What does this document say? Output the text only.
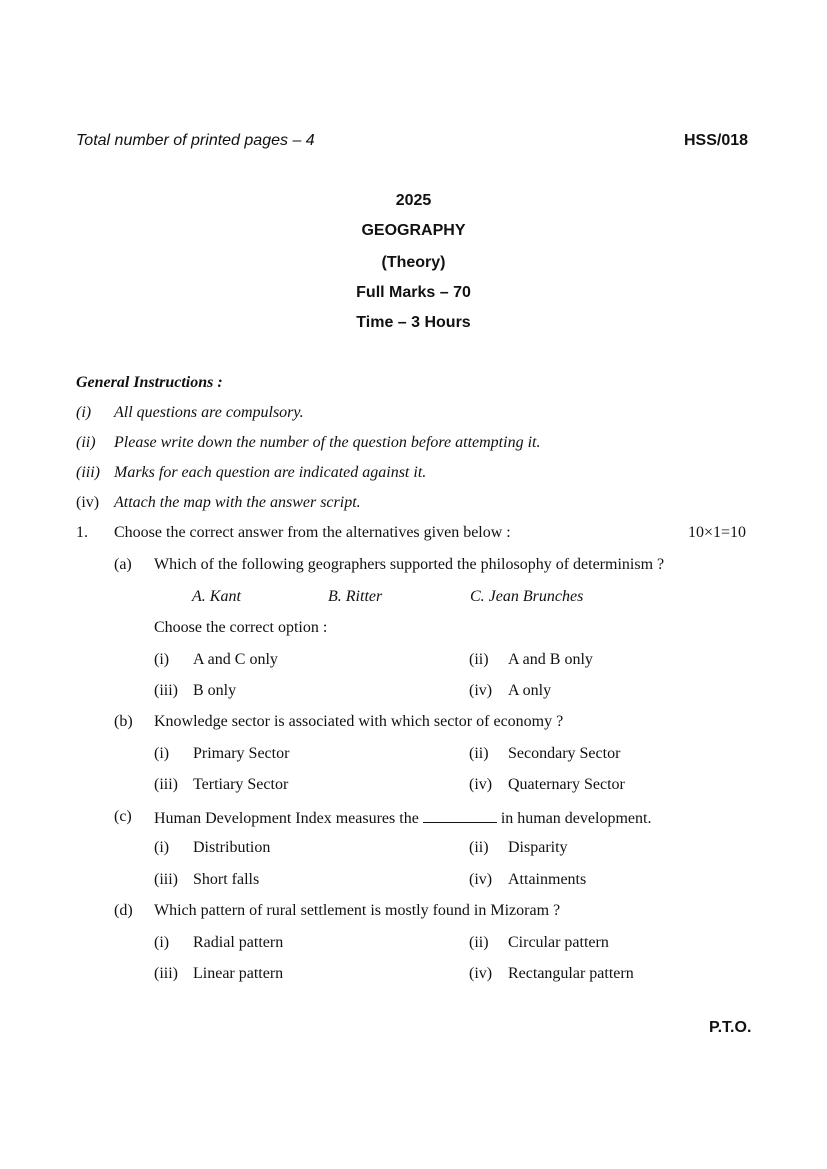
Total number of printed pages – 4	HSS/018
2025
GEOGRAPHY
(Theory)
Full Marks – 70
Time – 3 Hours
General Instructions :
(i) All questions are compulsory.
(ii) Please write down the number of the question before attempting it.
(iii) Marks for each question are indicated against it.
(iv) Attach the map with the answer script.
1. Choose the correct answer from the alternatives given below :	10×1=10
(a) Which of the following geographers supported the philosophy of determinism ?
A. Kant	B. Ritter	C. Jean Brunches
Choose the correct option :
(i) A and C only	(ii) A and B only
(iii) B only	(iv) A only
(b) Knowledge sector is associated with which sector of economy ?
(i) Primary Sector	(ii) Secondary Sector
(iii) Tertiary Sector	(iv) Quaternary Sector
(c) Human Development Index measures the	in human development.
(i) Distribution	(ii) Disparity
(iii) Short falls	(iv) Attainments
(d) Which pattern of rural settlement is mostly found in Mizoram ?
(i) Radial pattern	(ii) Circular pattern
(iii) Linear pattern	(iv) Rectangular pattern
P.T.O.
